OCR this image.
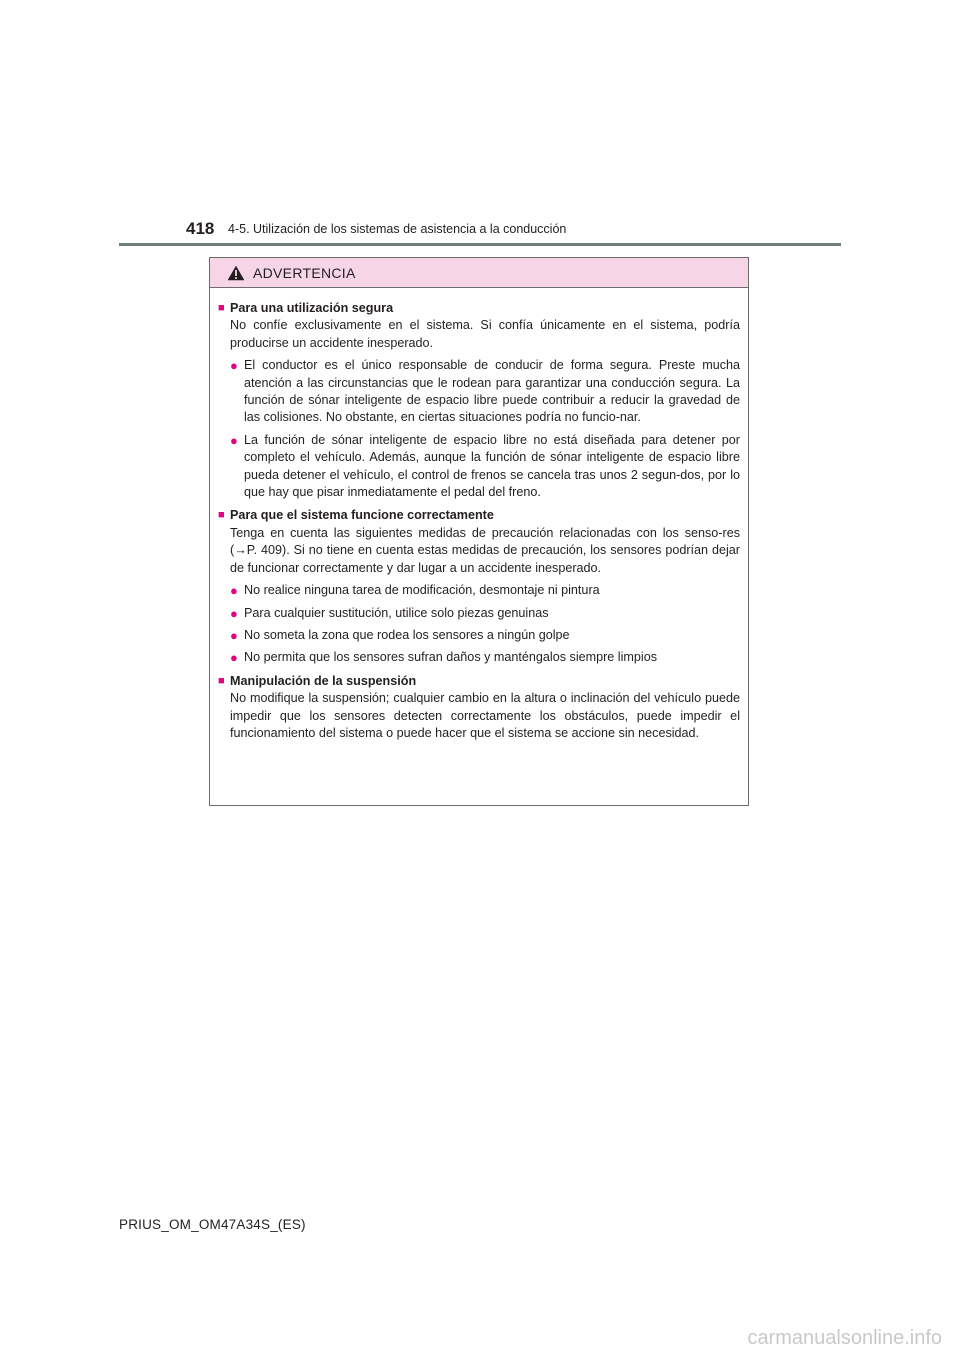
418 4-5. Utilización de los sistemas de asistencia a la conducción
ADVERTENCIA
■ Para una utilización segura
No confíe exclusivamente en el sistema. Si confía únicamente en el sistema, podría producirse un accidente inesperado.
● El conductor es el único responsable de conducir de forma segura. Preste mucha atención a las circunstancias que le rodean para garantizar una conducción segura. La función de sónar inteligente de espacio libre puede contribuir a reducir la gravedad de las colisiones. No obstante, en ciertas situaciones podría no funcio-nar.
● La función de sónar inteligente de espacio libre no está diseñada para detener por completo el vehículo. Además, aunque la función de sónar inteligente de espacio libre pueda detener el vehículo, el control de frenos se cancela tras unos 2 segun-dos, por lo que hay que pisar inmediatamente el pedal del freno.
■ Para que el sistema funcione correctamente
Tenga en cuenta las siguientes medidas de precaución relacionadas con los senso-res (→P. 409). Si no tiene en cuenta estas medidas de precaución, los sensores podrían dejar de funcionar correctamente y dar lugar a un accidente inesperado.
● No realice ninguna tarea de modificación, desmontaje ni pintura
● Para cualquier sustitución, utilice solo piezas genuinas
● No someta la zona que rodea los sensores a ningún golpe
● No permita que los sensores sufran daños y manténgalos siempre limpios
■ Manipulación de la suspensión
No modifique la suspensión; cualquier cambio en la altura o inclinación del vehículo puede impedir que los sensores detecten correctamente los obstáculos, puede impedir el funcionamiento del sistema o puede hacer que el sistema se accione sin necesidad.
PRIUS_OM_OM47A34S_(ES)
carmanualsonline.info
